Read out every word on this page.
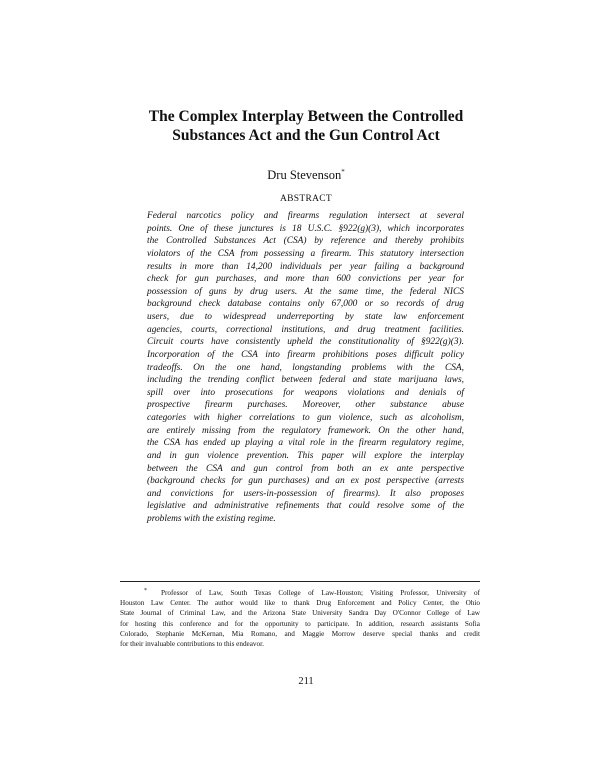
The Complex Interplay Between the Controlled
Substances Act and the Gun Control Act
Dru Stevenson*
ABSTRACT
Federal narcotics policy and firearms regulation intersect at several
points. One of these junctures is 18 U.S.C. §922(g)(3), which incorporates
the Controlled Substances Act (CSA) by reference and thereby prohibits
violators of the CSA from possessing a firearm. This statutory intersection
results in more than 14,200 individuals per year failing a background
check for gun purchases, and more than 600 convictions per year for
possession of guns by drug users. At the same time, the federal NICS
background check database contains only 67,000 or so records of drug
users, due to widespread underreporting by state law enforcement
agencies, courts, correctional institutions, and drug treatment facilities.
Circuit courts have consistently upheld the constitutionality of §922(g)(3).
Incorporation of the CSA into firearm prohibitions poses difficult policy
tradeoffs. On the one hand, longstanding problems with the CSA,
including the trending conflict between federal and state marijuana laws,
spill over into prosecutions for weapons violations and denials of
prospective firearm purchases. Moreover, other substance abuse
categories with higher correlations to gun violence, such as alcoholism,
are entirely missing from the regulatory framework. On the other hand,
the CSA has ended up playing a vital role in the firearm regulatory regime,
and in gun violence prevention. This paper will explore the interplay
between the CSA and gun control from both an ex ante perspective
(background checks for gun purchases) and an ex post perspective (arrests
and convictions for users-in-possession of firearms). It also proposes
legislative and administrative refinements that could resolve some of the
problems with the existing regime.
* Professor of Law, South Texas College of Law-Houston; Visiting Professor, University of
Houston Law Center. The author would like to thank Drug Enforcement and Policy Center, the Ohio
State Journal of Criminal Law, and the Arizona State University Sandra Day O'Connor College of Law
for hosting this conference and for the opportunity to participate. In addition, research assistants Sofia
Colorado, Stephanie McKernan, Mia Romano, and Maggie Morrow deserve special thanks and credit
for their invaluable contributions to this endeavor.
211
